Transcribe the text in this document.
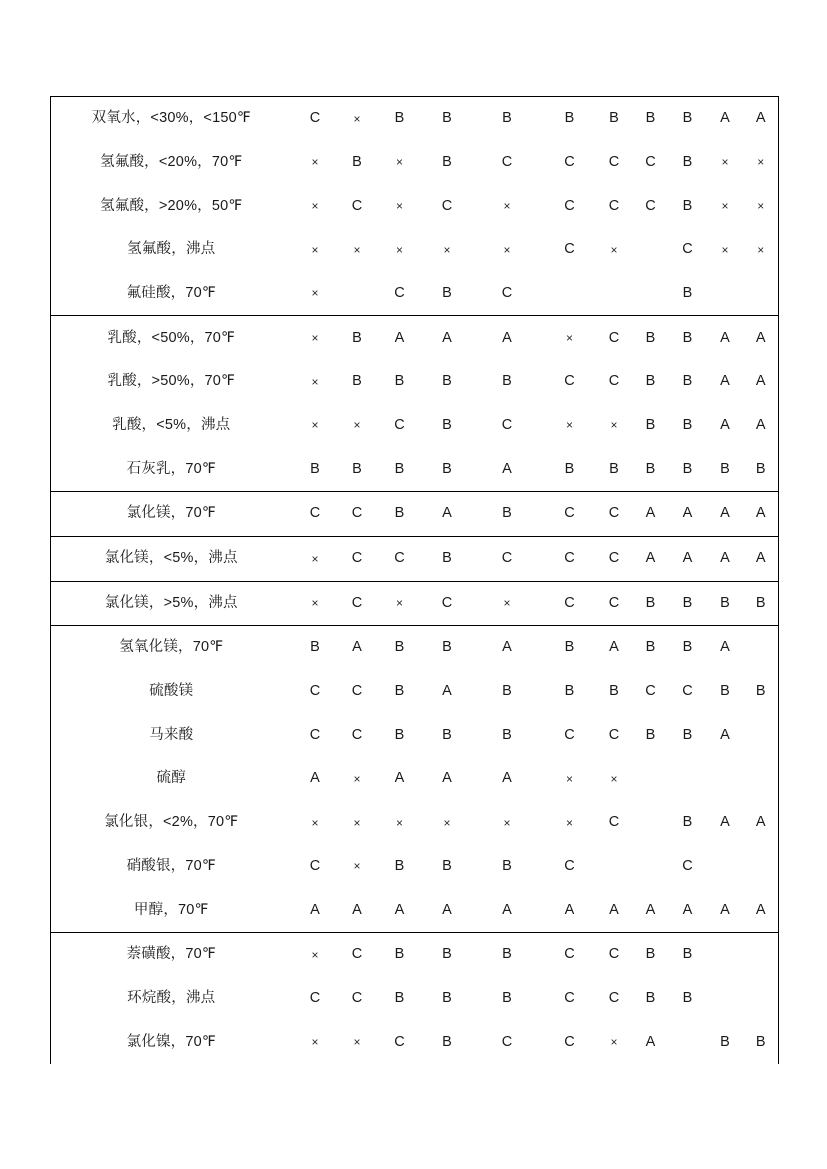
双氧水，<30%，<150℉	C	×	B	B	B	B	B	B	B	A	A
氢氟酸，<20%，70℉	×	B	×	B	C	C	C	C	B	×	×
氢氟酸，>20%，50℉	×	C	×	C	×	C	C	C	B	×	×
氢氟酸，沸点	×	×	×	×	×	C	×		C	×	×
氟硅酸，70℉	×		C	B	C				B		
乳酸，<50%，70℉	×	B	A	A	A	×	C	B	B	A	A
乳酸，>50%，70℉	×	B	B	B	B	C	C	B	B	A	A
乳酸，<5%，沸点	×	×	C	B	C	×	×	B	B	A	A
石灰乳，70℉	B	B	B	B	A	B	B	B	B	B	B
氯化镁，70℉	C	C	B	A	B	C	C	A	A	A	A
氯化镁，<5%，沸点	×	C	C	B	C	C	C	A	A	A	A
氯化镁，>5%，沸点	×	C	×	C	×	C	C	B	B	B	B
氢氧化镁，70℉	B	A	B	B	A	B	A	B	B	A	
硫酸镁	C	C	B	A	B	B	B	C	C	B	B
马来酸	C	C	B	B	B	C	C	B	B	A	
硫醇	A	×	A	A	A	×	×				
氯化银，<2%，70℉	×	×	×	×	×	×	C		B	A	A
硝酸银，70℉	C	×	B	B	B	C			C		
甲醇，70℉	A	A	A	A	A	A	A	A	A	A	A
萘磺酸，70℉	×	C	B	B	B	C	C	B	B		
环烷酸，沸点	C	C	B	B	B	C	C	B	B		
氯化镍，70℉	×	×	C	B	C	C	×	A		B	B
